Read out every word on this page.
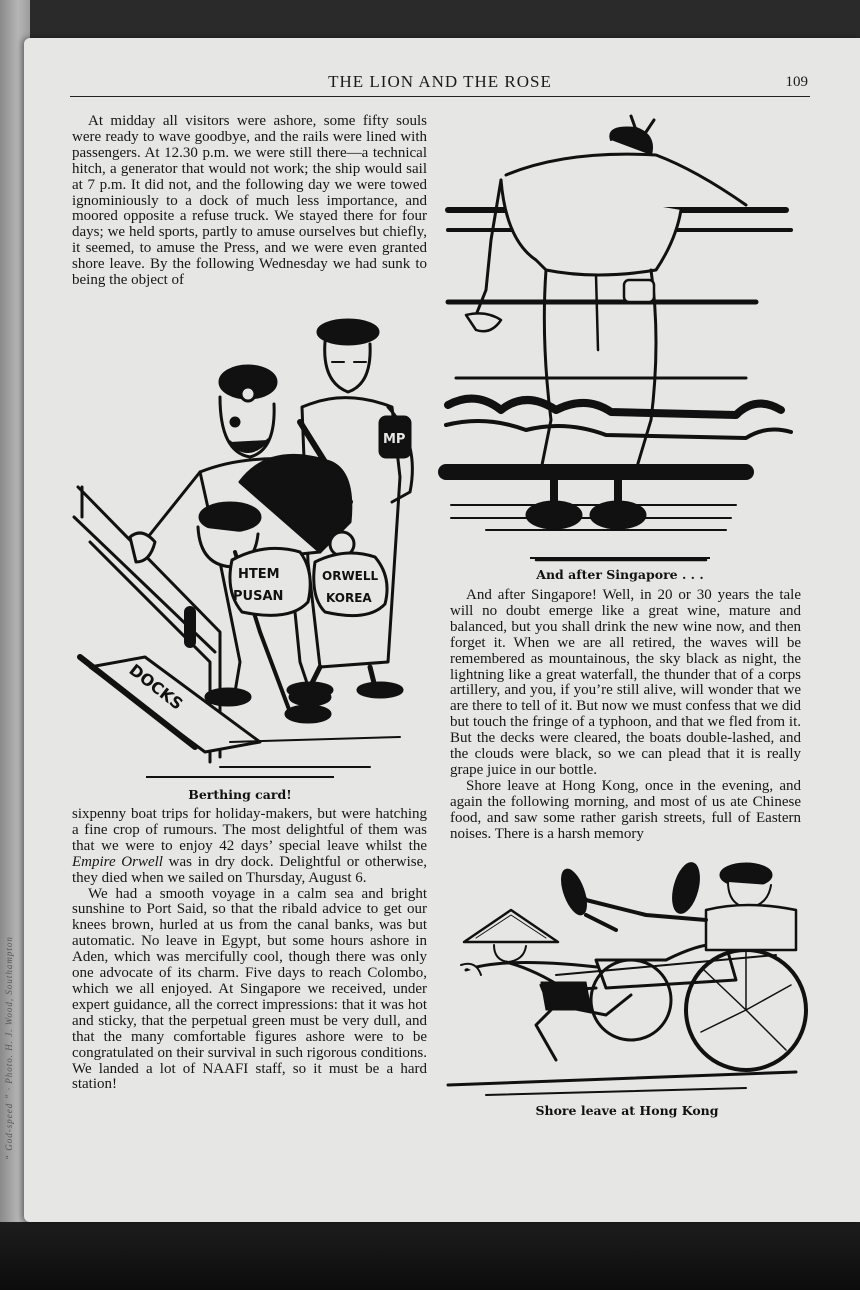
“ God-speed ” · Photo. H. J. Wood, Southampton
THE LION AND THE ROSE	109

At midday all visitors were ashore, some fifty souls were ready to wave goodbye, and the rails were lined with passengers. At 12.30 p.m. we were still there—a technical hitch, a generator that would not work; the ship would sail at 7 p.m. It did not, and the following day we were towed ignominiously to a dock of much less importance, and moored opposite a refuse truck. We stayed there for four days; we held sports, partly to amuse ourselves but chiefly, it seemed, to amuse the Press, and we were even granted shore leave. By the following Wednesday we had sunk to being the object of

DOCKS
MP
HTEM
PUSAN
ORWELL
KOREA
Berthing card!

sixpenny boat trips for holiday-makers, but were hatching a fine crop of rumours. The most delightful of them was that we were to enjoy 42 days’ special leave whilst the Empire Orwell was in dry dock. Delightful or otherwise, they died when we sailed on Thursday, August 6.

We had a smooth voyage in a calm sea and bright sunshine to Port Said, so that the ribald advice to get our knees brown, hurled at us from the canal banks, was but automatic. No leave in Egypt, but some hours ashore in Aden, which was mercifully cool, though there was only one advocate of its charm. Five days to reach Colombo, which we all enjoyed. At Singapore we received, under expert guidance, all the correct impressions: that it was hot and sticky, that the perpetual green must be very dull, and that the many comfortable figures ashore were to be congratulated on their survival in such rigorous conditions. We landed a lot of NAAFI staff, so it must be a hard station!

And after Singapore . . .

And after Singapore! Well, in 20 or 30 years the tale will no doubt emerge like a great wine, mature and balanced, but you shall drink the new wine now, and then forget it. When we are all retired, the waves will be remembered as mountainous, the sky black as night, the lightning like a great waterfall, the thunder that of a corps artillery, and you, if you’re still alive, will wonder that we are there to tell of it. But now we must confess that we did but touch the fringe of a typhoon, and that we fled from it. But the decks were cleared, the boats double-lashed, and the clouds were black, so we can plead that it is really grape juice in our bottle.

Shore leave at Hong Kong, once in the evening, and again the following morning, and most of us ate Chinese food, and saw some rather garish streets, full of Eastern noises. There is a harsh memory

Shore leave at Hong Kong
